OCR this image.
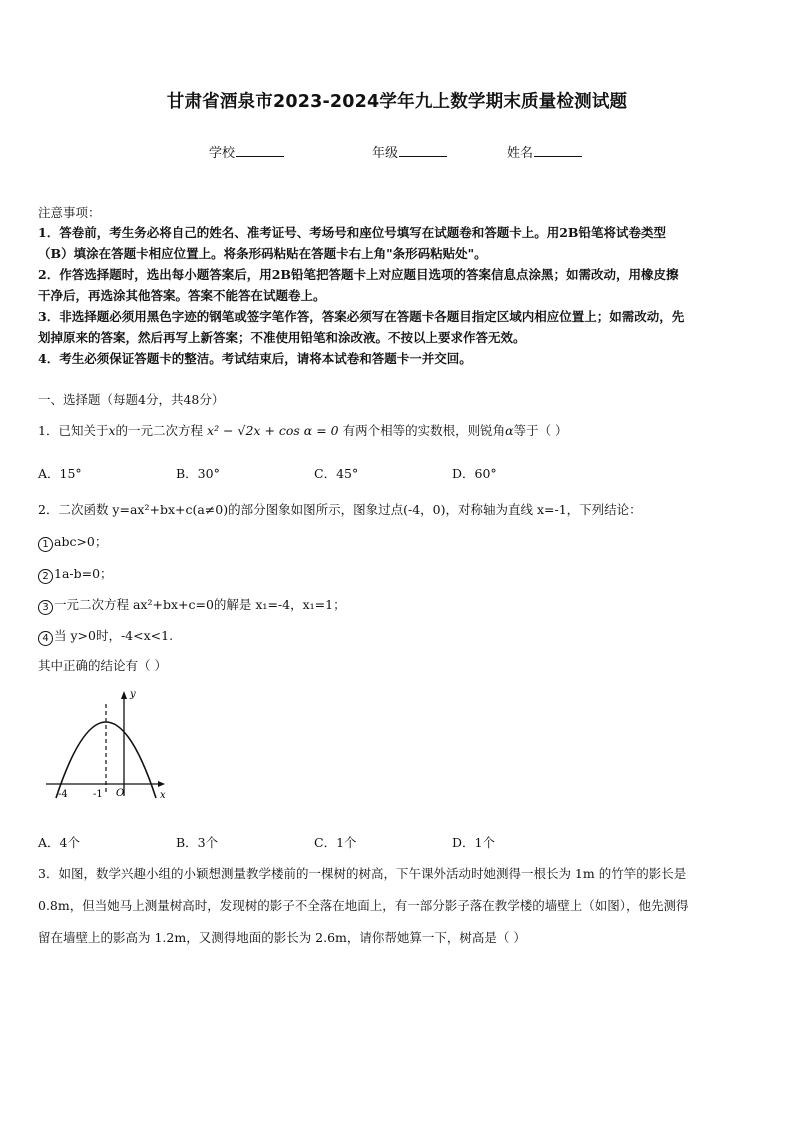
甘肃省酒泉市2023-2024学年九上数学期末质量检测试题
学校	年级	姓名
注意事项：
1．答卷前，考生务必将自己的姓名、准考证号、考场号和座位号填写在试题卷和答题卡上。用2B铅笔将试卷类型
（B）填涂在答题卡相应位置上。将条形码粘贴在答题卡右上角"条形码粘贴处"。
2．作答选择题时，选出每小题答案后，用2B铅笔把答题卡上对应题目选项的答案信息点涂黑；如需改动，用橡皮擦
干净后，再选涂其他答案。答案不能答在试题卷上。
3．非选择题必须用黑色字迹的钢笔或签字笔作答，答案必须写在答题卡各题目指定区域内相应位置上；如需改动，先
划掉原来的答案，然后再写上新答案；不准使用铅笔和涂改液。不按以上要求作答无效。
4．考生必须保证答题卡的整洁。考试结束后，请将本试卷和答题卡一并交回。
一、选择题（每题4分，共48分）
1．已知关于x的一元二次方程 x² − √2x + cos α = 0 有两个相等的实数根，则锐角α等于（ ）
A．15°	B．30°	C．45°	D．60°
2．二次函数 y=ax²+bx+c(a≠0)的部分图象如图所示，图象过点(-4，0)，对称轴为直线 x=-1，下列结论：
1 abc>0；
2 1a-b=0；
3 一元二次方程 ax²+bx+c=0的解是 x₁=-4，x₁=1；
4 当 y>0时，-4<x<1.
其中正确的结论有（ ）
-4	-1 O	x
y
A．4个	B．3个	C．1个	D．1个
3．如图，数学兴趣小组的小颖想测量教学楼前的一棵树的树高，下午课外活动时她测得一根长为 1m 的竹竿的影长是
0.8m，但当她马上测量树高时，发现树的影子不全落在地面上，有一部分影子落在教学楼的墙壁上（如图），他先测得
留在墙壁上的影高为 1.2m，又测得地面的影长为 2.6m，请你帮她算一下，树高是（ ）
